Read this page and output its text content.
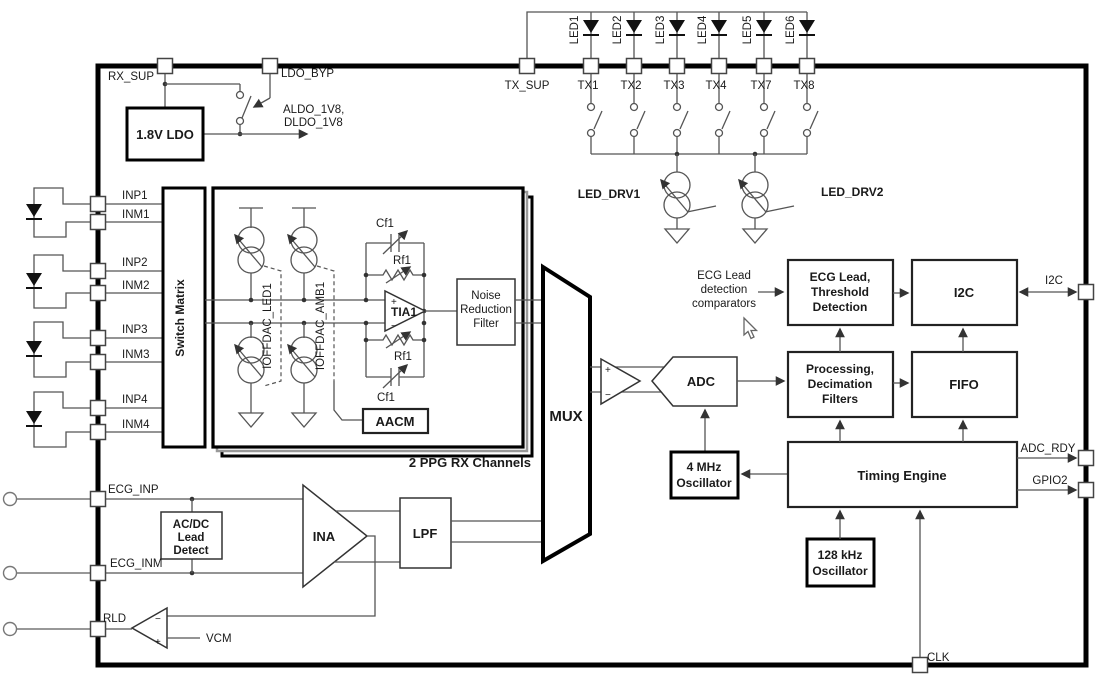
LED1	LED2	LED3	LED4	LED5	LED6
LED_DRV1	LED_DRV2
1.8V LDO
ALDO_1V8,
DLDO_1V8
Switch Matrix	IOFFDAC_LED1	IOFFDAC_AMB1
Cf1
Rf1
Rf1
Cf1
+
−
TIA1
Noise
Reduction
Filter
AACM
2 PPG RX Channels
AC/DC
Lead
Detect
INA	LPF
−
+	VCM
MUX
+
−
ADC
4 MHz
Oscillator
ECG Lead
detection
comparators
ECG Lead,
Threshold
Detection
I2C
Processing,
Decimation
Filters
FIFO
Timing Engine
128 kHz
Oscillator
RX_SUP	LDO_BYP
TX_SUP TX1 TX2 TX3 TX4 TX7 TX8
INP1
INM1
INP2
INM2
INP3
INM3
INP4
INM4
ECG_INP
ECG_INM
RLD
I2C
ADC_RDY
GPIO2
CLK
